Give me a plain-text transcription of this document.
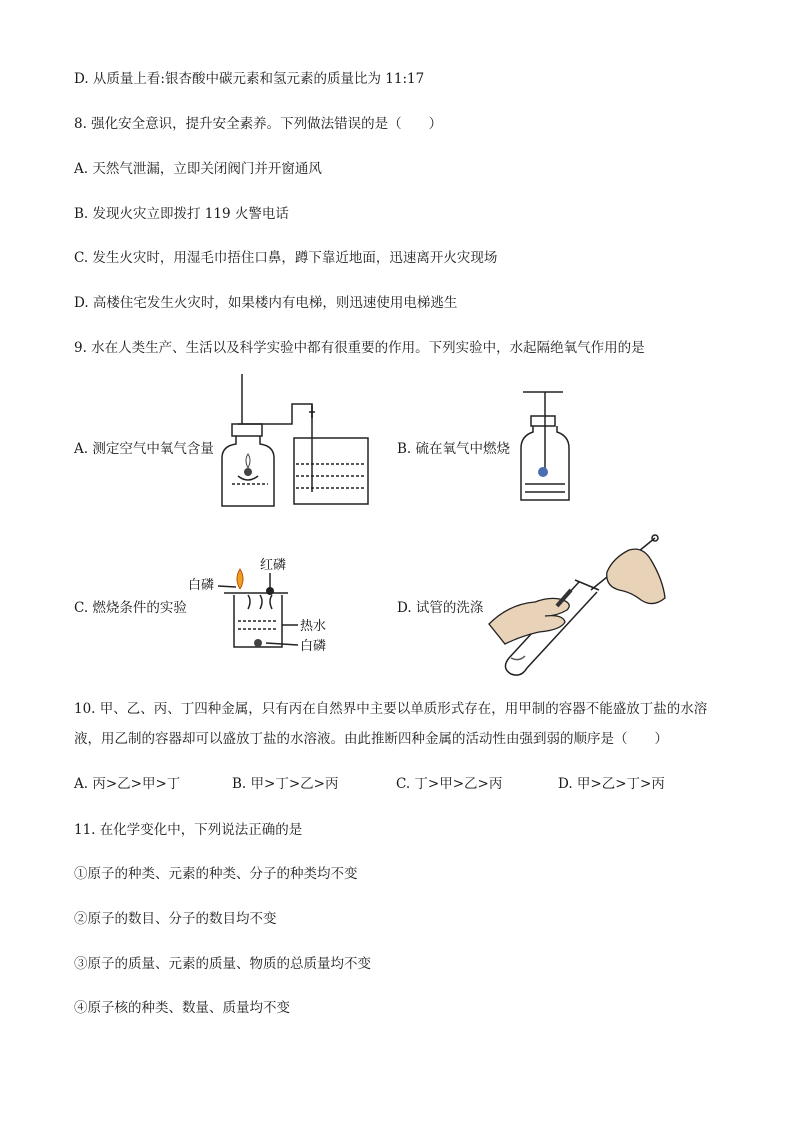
D. 从质量上看:银杏酸中碳元素和氢元素的质量比为 11:17
8. 强化安全意识，提升安全素养。下列做法错误的是（　　）
A. 天然气泄漏，立即关闭阀门并开窗通风
B. 发现火灾立即拨打 119 火警电话
C. 发生火灾时，用湿毛巾捂住口鼻，蹲下靠近地面，迅速离开火灾现场
D. 高楼住宅发生火灾时，如果楼内有电梯，则迅速使用电梯逃生
9. 水在人类生产、生活以及科学实验中都有很重要的作用。下列实验中，水起隔绝氧气作用的是
A. 测定空气中氧气含量	B. 硫在氧气中燃烧
C. 燃烧条件的实验
红磷
白磷
热水
白磷
D. 试管的洗涤
10. 甲、乙、丙、丁四种金属，只有丙在自然界中主要以单质形式存在，用甲制的容器不能盛放丁盐的水溶液，用乙制的容器却可以盛放丁盐的水溶液。由此推断四种金属的活动性由强到弱的顺序是（　　）
A. 丙>乙>甲>丁	B. 甲>丁>乙>丙	C. 丁>甲>乙>丙	D. 甲>乙>丁>丙
11. 在化学变化中，下列说法正确的是
①原子的种类、元素的种类、分子的种类均不变
②原子的数目、分子的数目均不变
③原子的质量、元素的质量、物质的总质量均不变
④原子核的种类、数量、质量均不变
